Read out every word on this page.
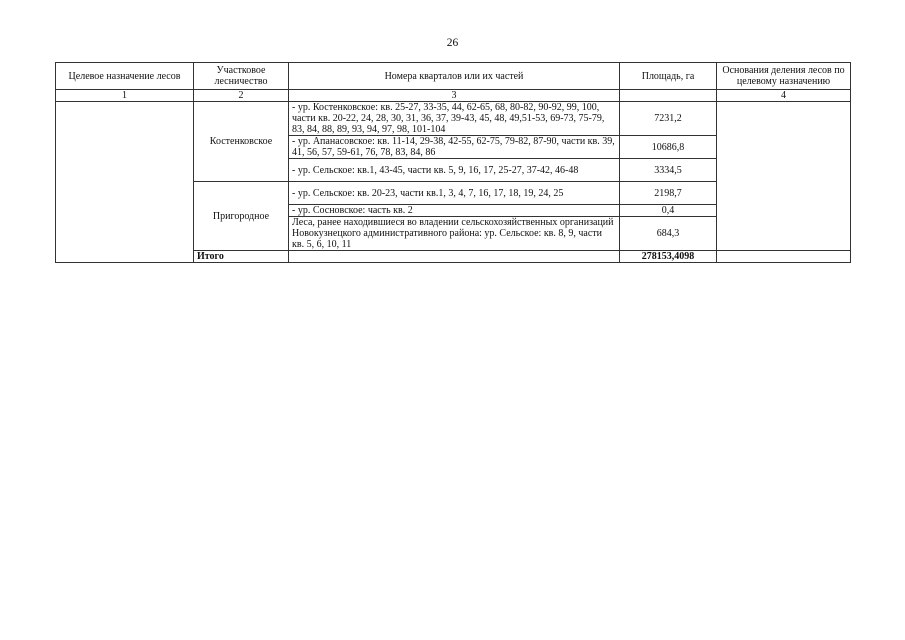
26
Целевое назначение лесов	Участковое лесничество	Номера кварталов или их частей	Площадь, га	Основания деления лесов по целевому назначению
1	2	3		4
	Костенковское	- ур. Костенковское: кв. 25-27, 33-35, 44, 62-65, 68, 80-82, 90-92, 99, 100, части кв. 20-22, 24, 28, 30, 31, 36, 37, 39-43, 45, 48, 49,51-53, 69-73, 75-79, 83, 84, 88, 89, 93, 94, 97, 98, 101-104	7231,2	
		- ур. Апанасовское: кв. 11-14, 29-38, 42-55, 62-75, 79-82, 87-90, части кв. 39, 41, 56, 57, 59-61, 76, 78, 83, 84, 86	10686,8	
		- ур. Сельское: кв.1, 43-45, части кв. 5, 9, 16, 17, 25-27, 37-42, 46-48	3334,5	
	Пригородное	- ур. Сельское: кв. 20-23, части кв.1, 3, 4, 7, 16, 17, 18, 19, 24, 25	2198,7	
		- ур. Сосновское: часть кв. 2	0,4	
		Леса, ранее находившиеся во владении сельскохозяйственных организаций Новокузнецкого административного района: ур. Сельское: кв. 8, 9, части кв. 5, 6, 10, 11	684,3	
	Итого		278153,4098	
